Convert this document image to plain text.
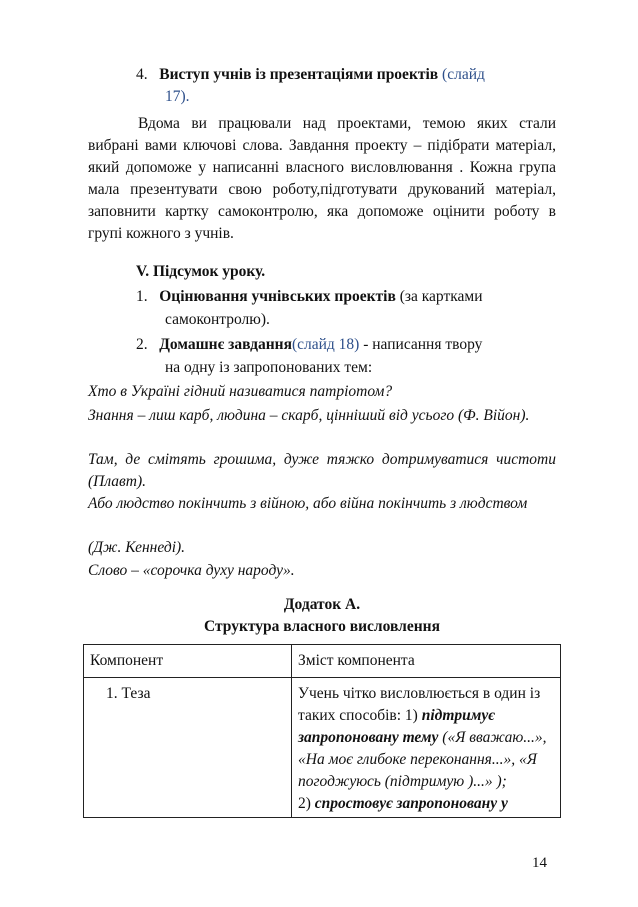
4. Виступ учнів із презентаціями проектів (слайд
17).
Вдома ви працювали над проектами, темою яких стали вибрані вами ключові слова. Завдання проекту – підібрати матеріал, який допоможе у написанні власного висловлювання . Кожна група мала презентувати свою роботу,підготувати друкований матеріал, заповнити картку самоконтролю, яка допоможе оцінити роботу в групі кожного з учнів.
V. Підсумок уроку.
1. Оцінювання учнівських проектів (за картками
самоконтролю).
2. Домашнє завдання(слайд 18) - написання твору
на одну із запропонованих тем:
Хто в Україні гідний називатися патріотом?
Знання – лиш карб, людина – скарб, цінніший від усього (Ф. Війон).
Там, де смітять грошима, дуже тяжко дотримуватися чистоти (Плавт).
Або людство покінчить з війною, або війна покінчить з людством
(Дж. Кеннеді).
Слово – «сорочка духу народу».
Додаток А.
Структура власного висловлення
Компонент	Зміст компонента
1. Теза	Учень чітко висловлюється в один із таких способів: 1) підтримує запропоновану тему («Я вважаю...», «На моє глибоке переконання...», «Я погоджуюсь (підтримую )...» );
2) спростовує запропоновану у
14
